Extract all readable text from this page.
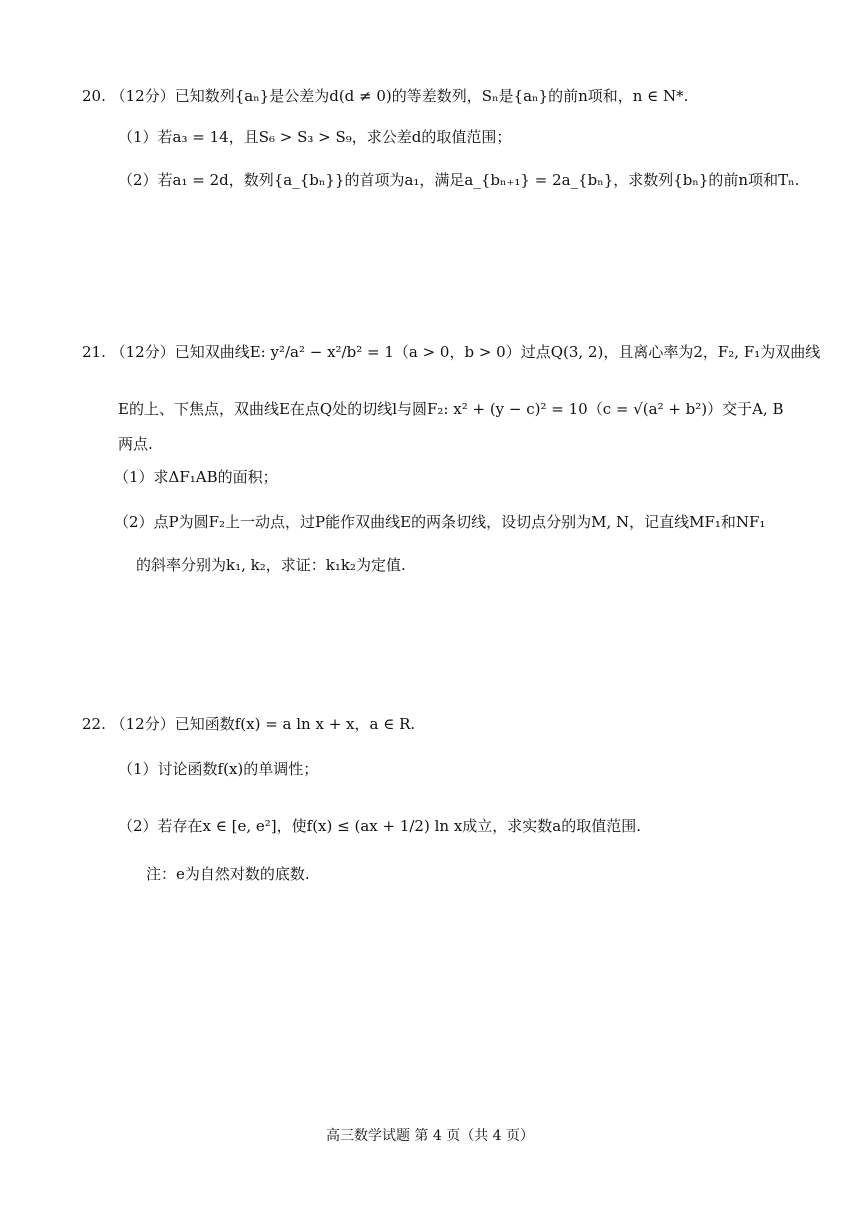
20. （12分）已知数列{aₙ}是公差为d(d ≠ 0)的等差数列，Sₙ是{aₙ}的前n项和，n ∈ N*.
（1）若a₃ = 14，且S₆ > S₃ > S₉，求公差d的取值范围；
（2）若a₁ = 2d，数列{a_{bₙ}}的首项为a₁，满足a_{bₙ₊₁} = 2a_{bₙ}，求数列{bₙ}的前n项和Tₙ.
21. （12分）已知双曲线E: y²/a² − x²/b² = 1（a > 0，b > 0）过点Q(3, 2)，且离心率为2，F₂, F₁为双曲线
E的上、下焦点，双曲线E在点Q处的切线l与圆F₂: x² + (y − c)² = 10（c = √(a² + b²)）交于A, B
两点.
（1）求ΔF₁AB的面积；
（2）点P为圆F₂上一动点，过P能作双曲线E的两条切线，设切点分别为M, N，记直线MF₁和NF₁
的斜率分别为k₁, k₂，求证：k₁k₂为定值.
22. （12分）已知函数f(x) = a ln x + x，a ∈ R.
（1）讨论函数f(x)的单调性；
（2）若存在x ∈ [e, e²]，使f(x) ≤ (ax + 1/2) ln x成立，求实数a的取值范围.
注：e为自然对数的底数.
高三数学试题 第 4 页（共 4 页）
